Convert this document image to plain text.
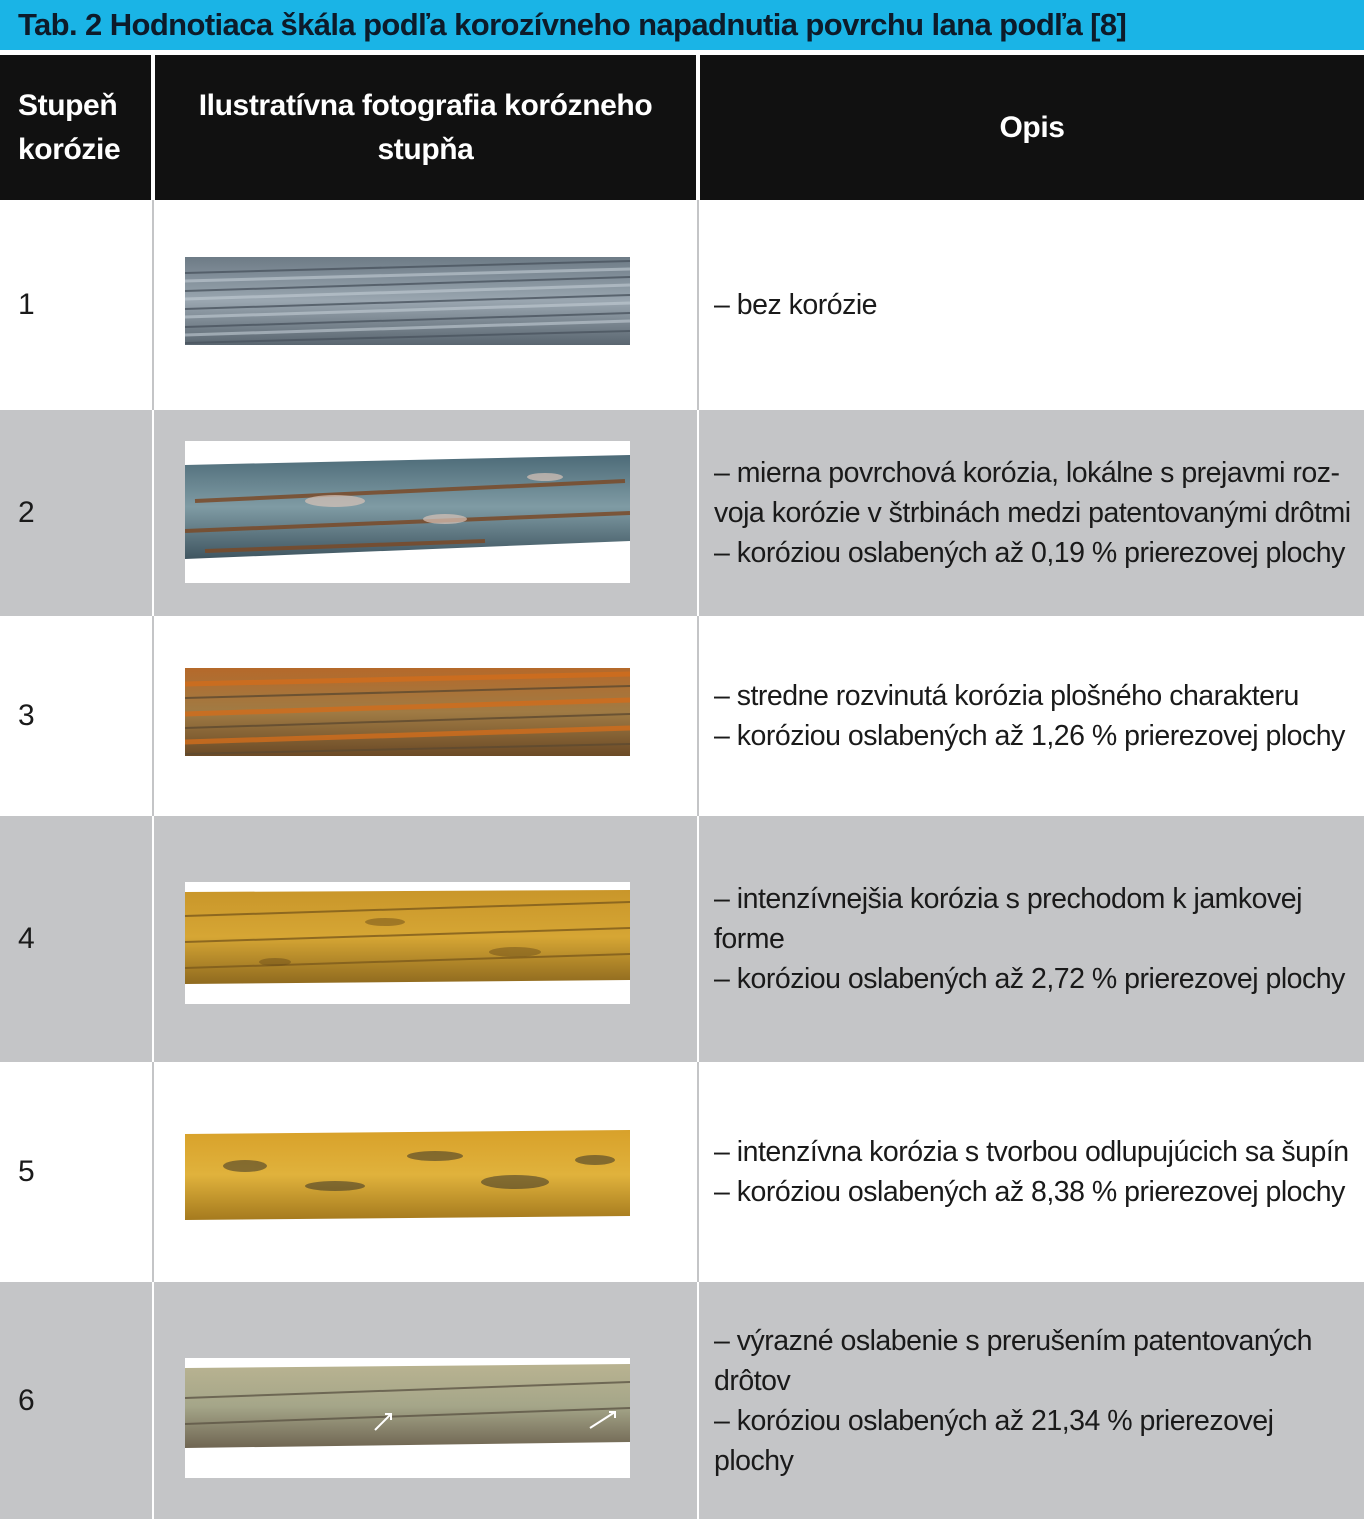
Tab. 2 Hodnotiaca škála podľa korozívneho napadnutia povrchu lana podľa [8]
Stupeň
korózie
Ilustratívna fotografia korózneho
stupňa
Opis
1	– bez korózie
2
– mierna povrchová korózia, lokálne s prejavmi roz-
voja korózie v štrbinách medzi patentovanými drôtmi
– koróziou oslabených až 0,19 % prierezovej plochy
3
– stredne rozvinutá korózia plošného charakteru
– koróziou oslabených až 1,26 % prierezovej plochy
4
– intenzívnejšia korózia s prechodom k jamkovej
forme
– koróziou oslabených až 2,72 % prierezovej plochy
5
– intenzívna korózia s tvorbou odlupujúcich sa šupín
– koróziou oslabených až 8,38 % prierezovej plochy
6
– výrazné oslabenie s prerušením patentovaných
drôtov
– koróziou oslabených až 21,34 % prierezovej
plochy
